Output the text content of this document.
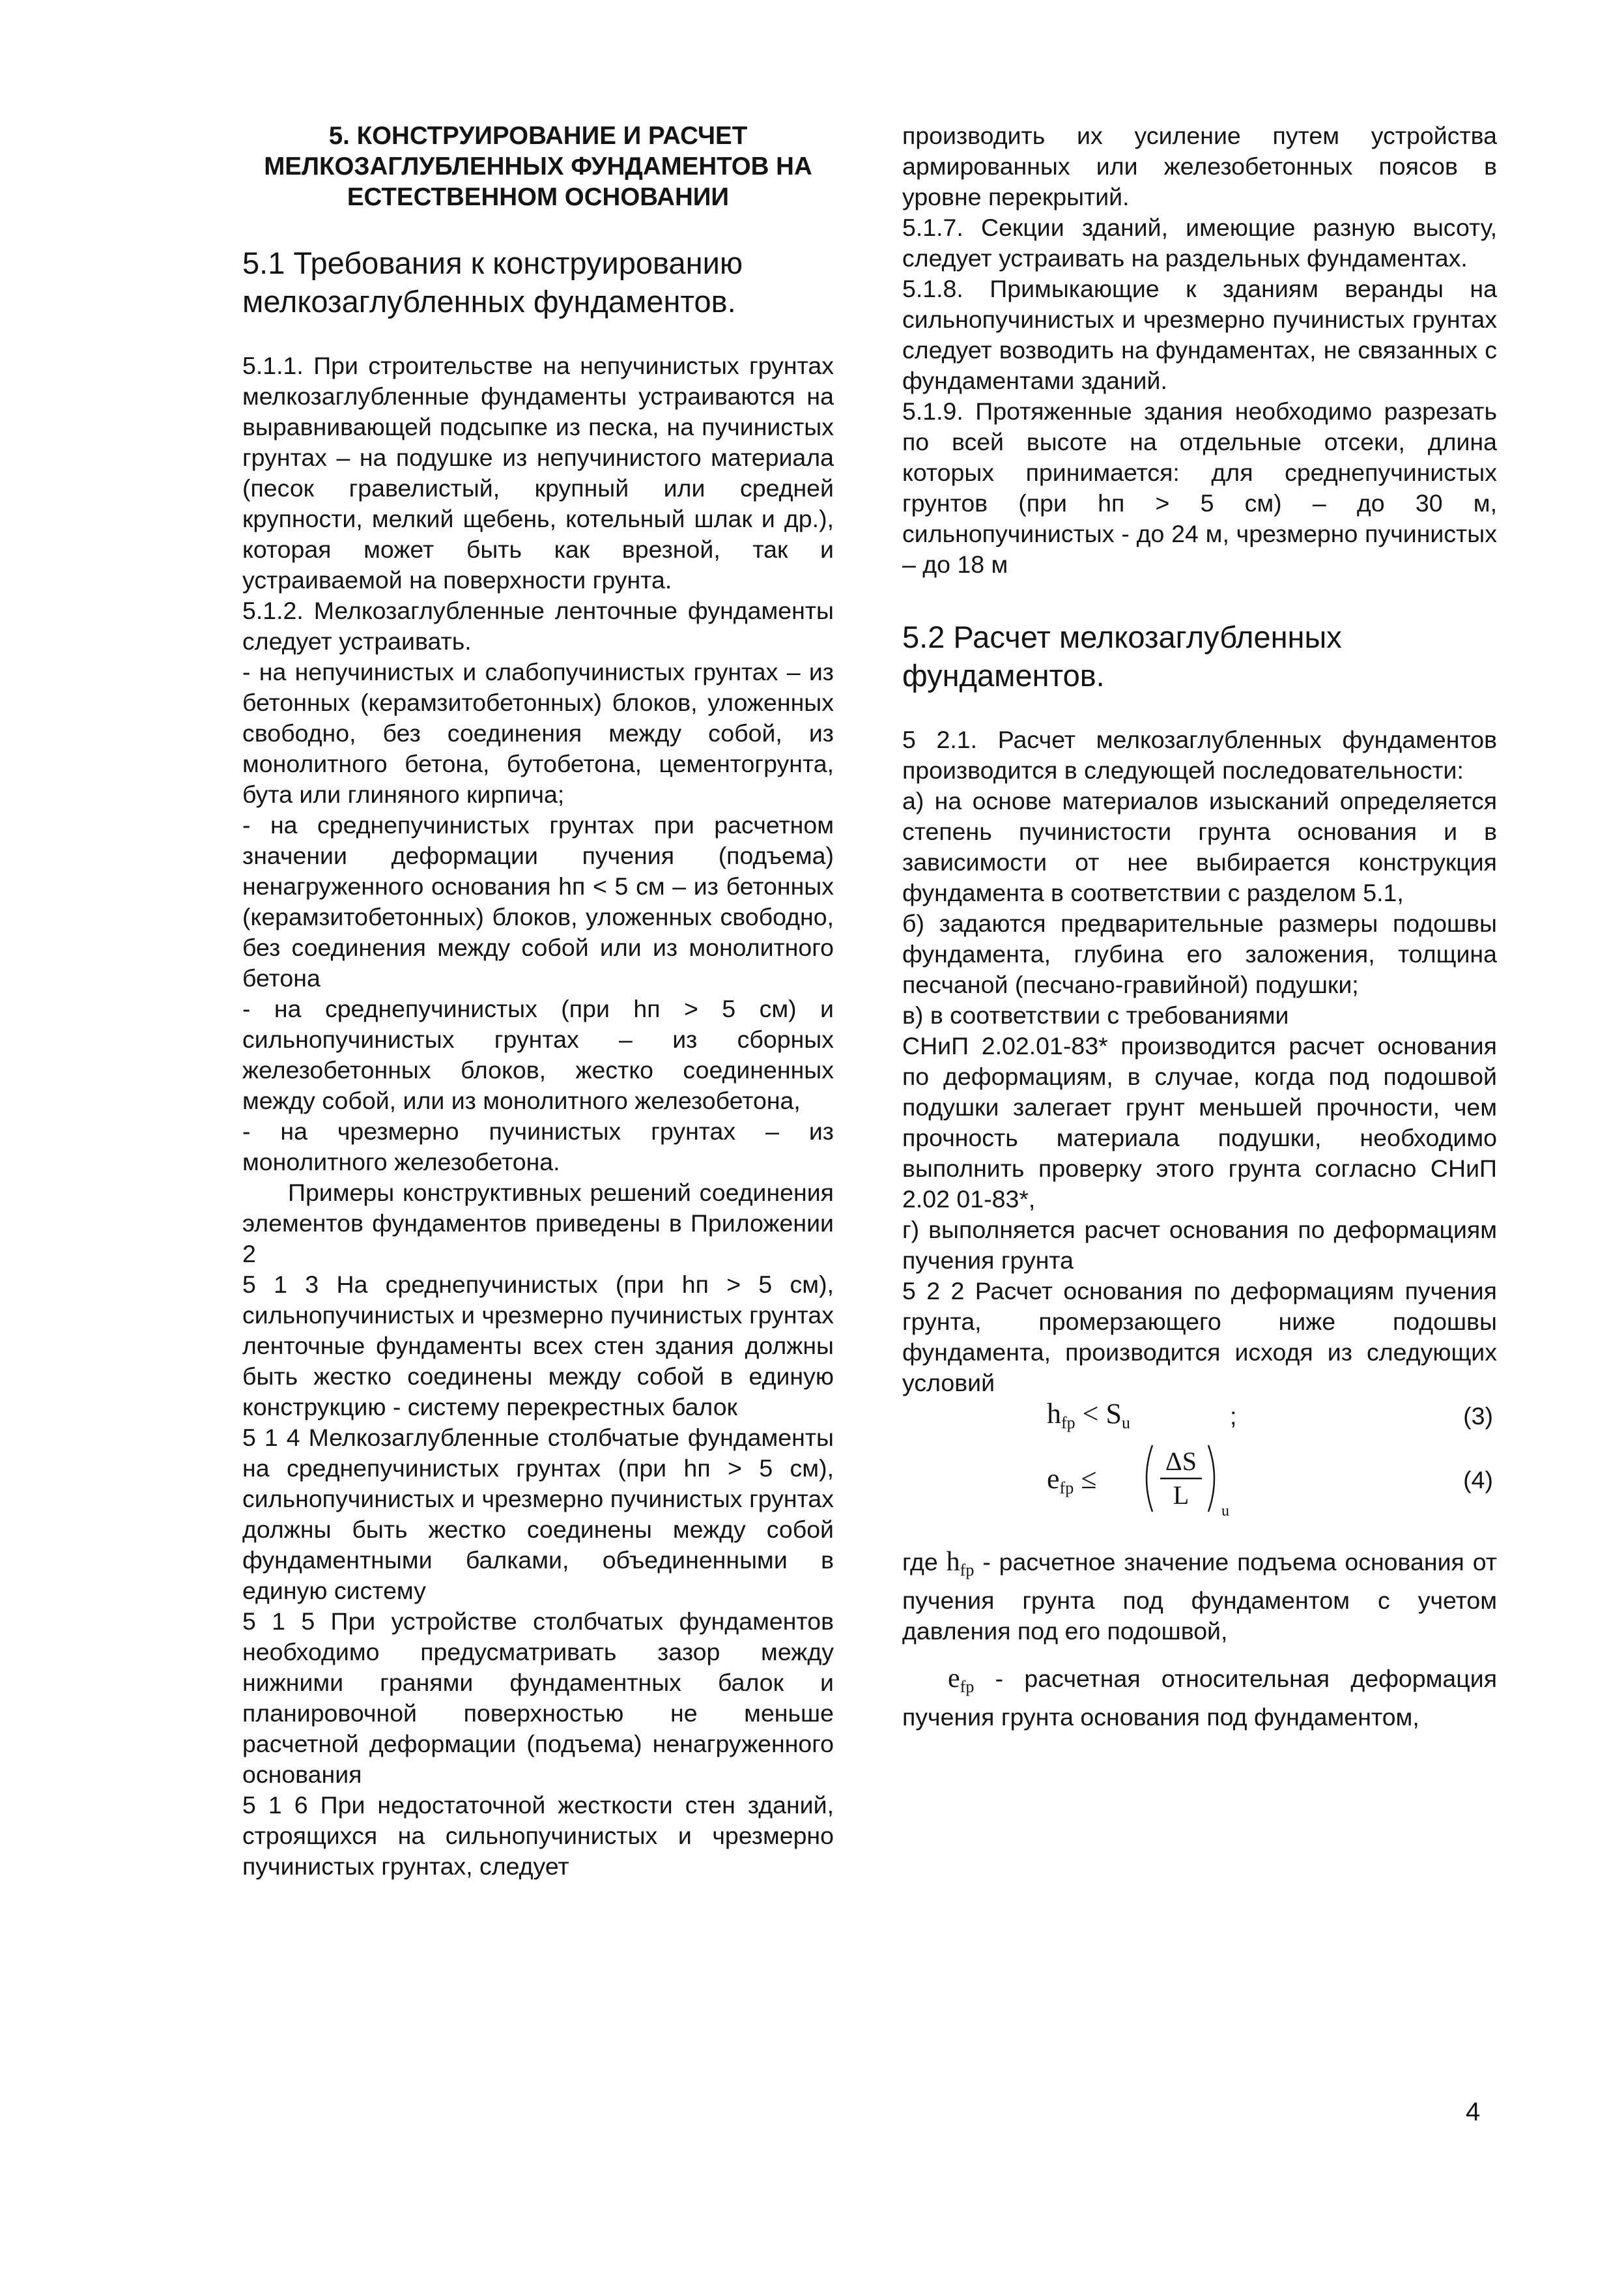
5. КОНСТРУИРОВАНИЕ И РАСЧЕТ МЕЛКОЗАГЛУБЛЕННЫХ ФУНДАМЕНТОВ НА ЕСТЕСТВЕННОМ ОСНОВАНИИ
5.1 Требования к конструированию мелкозаглубленных фундаментов.

5.1.1. При строительстве на непучинистых грунтах мелкозаглубленные фундаменты устраиваются на выравнивающей подсыпке из песка, на пучинистых грунтах – на подушке из непучинистого материала (песок гравелистый, крупный или средней крупности, мелкий щебень, котельный шлак и др.), которая может быть как врезной, так и устраиваемой на поверхности грунта.

5.1.2. Мелкозаглубленные ленточные фундаменты следует устраивать.

- на непучинистых и слабопучинистых грунтах – из бетонных (керамзитобетонных) блоков, уложенных свободно, без соединения между собой, из монолитного бетона, бутобетона, цементогрунта, бута или глиняного кирпича;

- на среднепучинистых грунтах при расчетном значении деформации пучения (подъема) ненагруженного основания hп < 5 см – из бетонных (керамзитобетонных) блоков, уложенных свободно, без соединения между собой или из монолитного бетона

- на среднепучинистых (при hп > 5 см) и сильнопучинистых грунтах – из сборных железобетонных блоков, жестко соединенных между собой, или из монолитного железобетона,

- на чрезмерно пучинистых грунтах – из монолитного железобетона.

Примеры конструктивных решений соединения элементов фундаментов приведены в Приложении 2

5 1 3 На среднепучинистых (при hп > 5 см), сильнопучинистых и чрезмерно пучинистых грунтах ленточные фундаменты всех стен здания должны быть жестко соединены между собой в единую конструкцию - систему перекрестных балок

5 1 4 Мелкозаглубленные столбчатые фундаменты на среднепучинистых грунтах (при hп > 5 см), сильнопучинистых и чрезмерно пучинистых грунтах должны быть жестко соединены между собой фундаментными балками, объединенными в единую систему

5 1 5 При устройстве столбчатых фундаментов необходимо предусматривать зазор между нижними гранями фундаментных балок и планировочной поверхностью не меньше расчетной деформации (подъема) ненагруженного основания

5 1 6 При недостаточной жесткости стен зданий, строящихся на сильнопучинистых и чрезмерно пучинистых грунтах, следует

производить их усиление путем устройства армированных или железобетонных поясов в уровне перекрытий.

5.1.7. Секции зданий, имеющие разную высоту, следует устраивать на раздельных фундаментах.

5.1.8. Примыкающие к зданиям веранды на сильнопучинистых и чрезмерно пучинистых грунтах следует возводить на фундаментах, не связанных с фундаментами зданий.

5.1.9. Протяженные здания необходимо разрезать по всей высоте на отдельные отсеки, длина которых принимается: для среднепучинистых грунтов (при hп > 5 см) – до 30 м, сильнопучинистых - до 24 м, чрезмерно пучинистых – до 18 м

5.2 Расчет мелкозаглубленных фундаментов.

5 2.1. Расчет мелкозаглубленных фундаментов производится в следующей последовательности:

а) на основе материалов изысканий определяется степень пучинистости грунта основания и в зависимости от нее выбирается конструкция фундамента в соответствии с разделом 5.1,

б) задаются предварительные размеры подошвы фундамента, глубина его заложения, толщина песчаной (песчано-гравийной) подушки;

в) в соответствии с требованиями

СНиП 2.02.01-83* производится расчет основания по деформациям, в случае, когда под подошвой подушки залегает грунт меньшей прочности, чем прочность материала подушки, необходимо выполнить проверку этого грунта согласно СНиП 2.02 01-83*,

г) выполняется расчет основания по деформациям пучения грунта

5 2 2 Расчет основания по деформациям пучения грунта, промерзающего ниже подошвы фундамента, производится исходя из следующих условий

$h_{fp} < S_u$	;	(3)
$e_{fp}$ ≤
ΔS
L
u
(4)

где $h_{fp}$ - расчетное значение подъема основания от пучения грунта под фундаментом с учетом давления под его подошвой,

$e_{fp}$ - расчетная относительная деформация пучения грунта основания под фундаментом,

4
